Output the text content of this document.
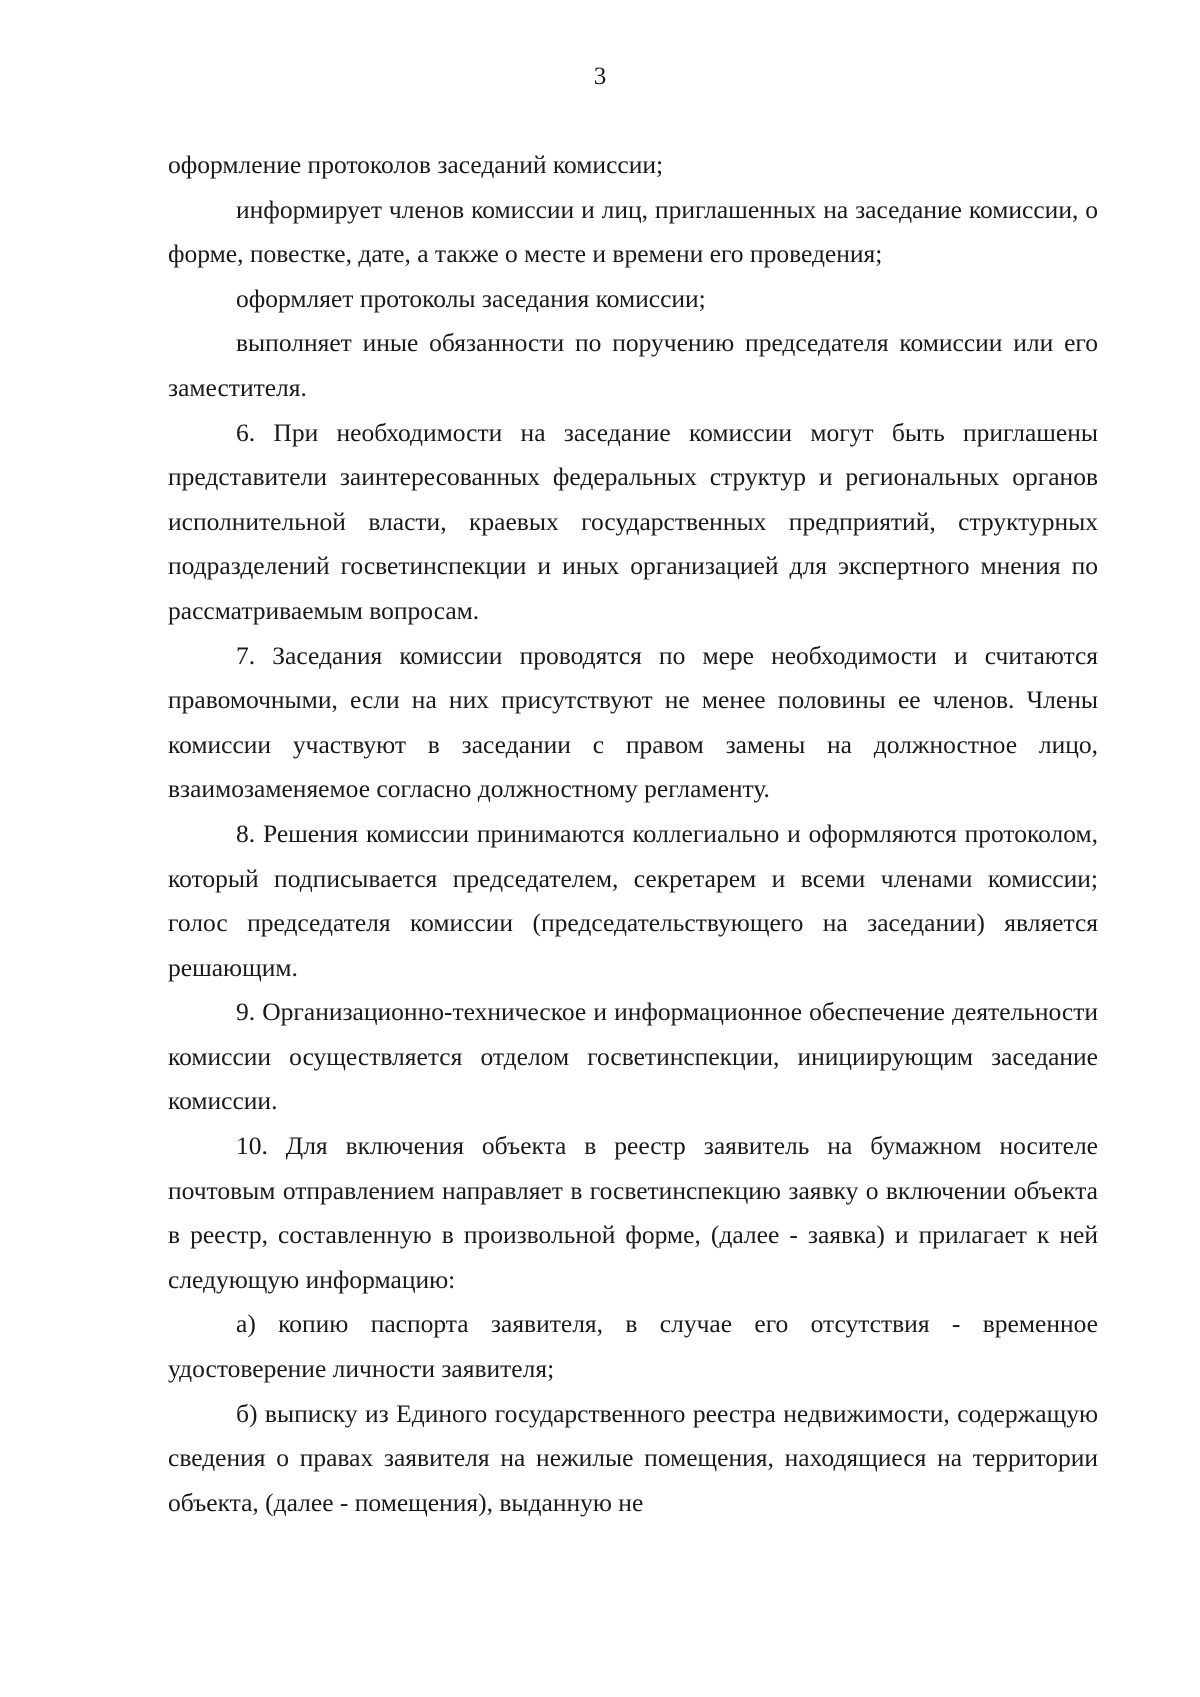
3

оформление протоколов заседаний комиссии;

информирует членов комиссии и лиц, приглашенных на заседание комиссии, о форме, повестке, дате, а также о месте и времени его проведения;

оформляет протоколы заседания комиссии;

выполняет иные обязанности по поручению председателя комиссии или его заместителя.

6. При необходимости на заседание комиссии могут быть приглашены представители заинтересованных федеральных структур и региональных органов исполнительной власти, краевых государственных предприятий, структурных подразделений госветинспекции и иных организацией для экспертного мнения по рассматриваемым вопросам.

7. Заседания комиссии проводятся по мере необходимости и считаются правомочными, если на них присутствуют не менее половины ее членов. Члены комиссии участвуют в заседании с правом замены на должностное лицо, взаимозаменяемое согласно должностному регламенту.

8. Решения комиссии принимаются коллегиально и оформляются протоколом, который подписывается председателем, секретарем и всеми членами комиссии; голос председателя комиссии (председательствующего на заседании) является решающим.

9. Организационно-техническое и информационное обеспечение деятельности комиссии осуществляется отделом госветинспекции, инициирующим заседание комиссии.

10. Для включения объекта в реестр заявитель на бумажном носителе почтовым отправлением направляет в госветинспекцию заявку о включении объекта в реестр, составленную в произвольной форме, (далее - заявка) и прилагает к ней следующую информацию:

а) копию паспорта заявителя, в случае его отсутствия - временное удостоверение личности заявителя;

б) выписку из Единого государственного реестра недвижимости, содержащую сведения о правах заявителя на нежилые помещения, находящиеся на территории объекта, (далее - помещения), выданную не
